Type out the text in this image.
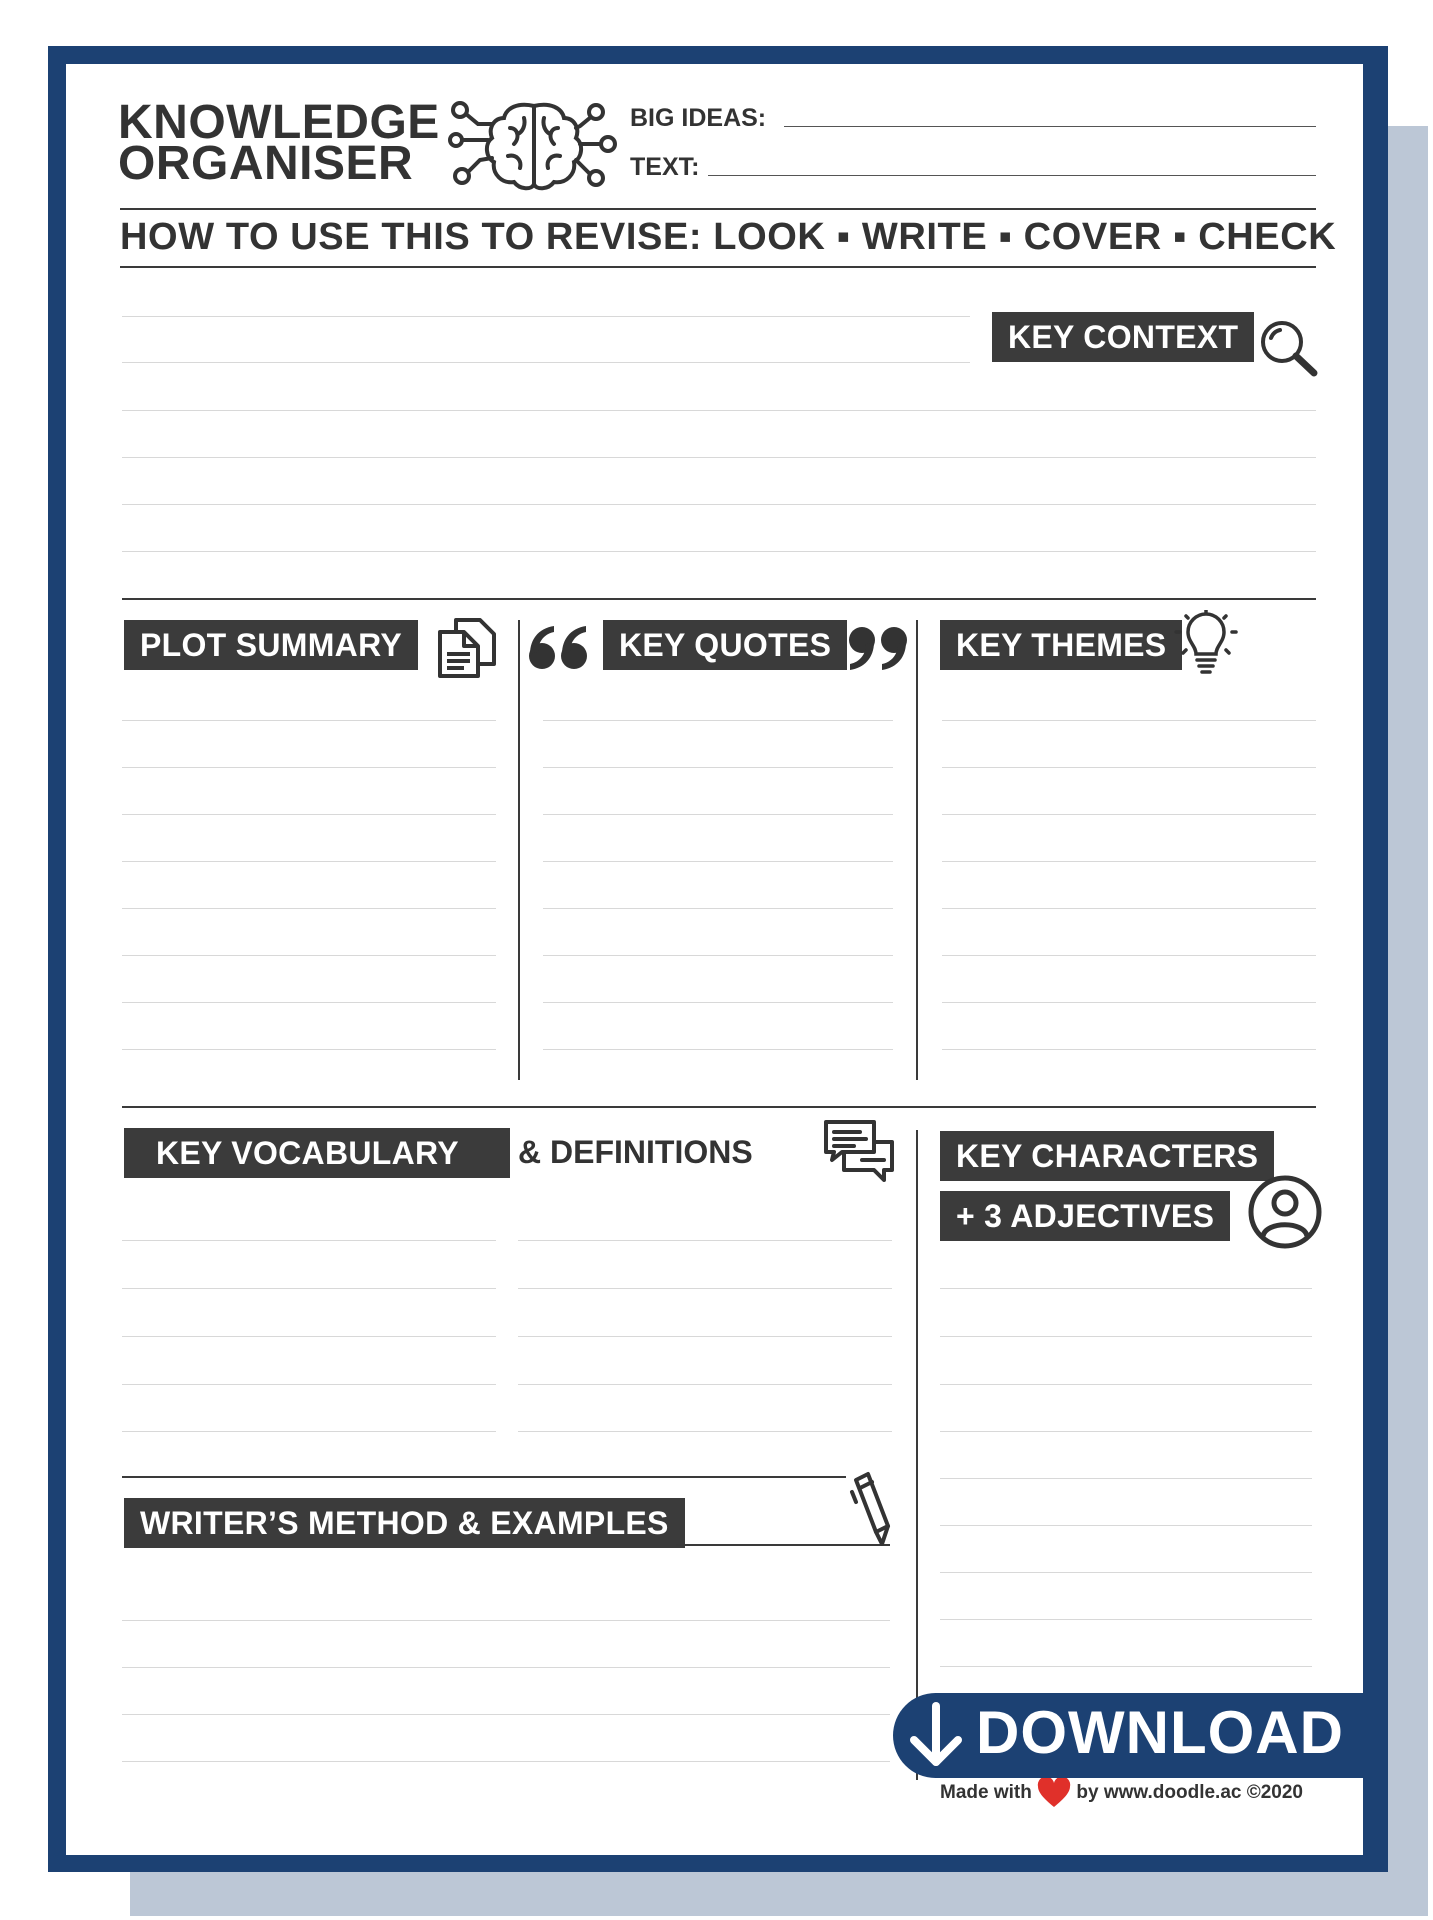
KNOWLEDGE
ORGANISER
BIG IDEAS:
TEXT:
HOW TO USE THIS TO REVISE: LOOK ▪ WRITE ▪ COVER ▪ CHECK
KEY CONTEXT
PLOT SUMMARY	KEY QUOTES	KEY THEMES
KEY VOCABULARY	& DEFINITIONS	KEY CHARACTERS
+ 3 ADJECTIVES
WRITER’S METHOD & EXAMPLES
DOWNLOAD
Made with by www.doodle.ac ©2020
